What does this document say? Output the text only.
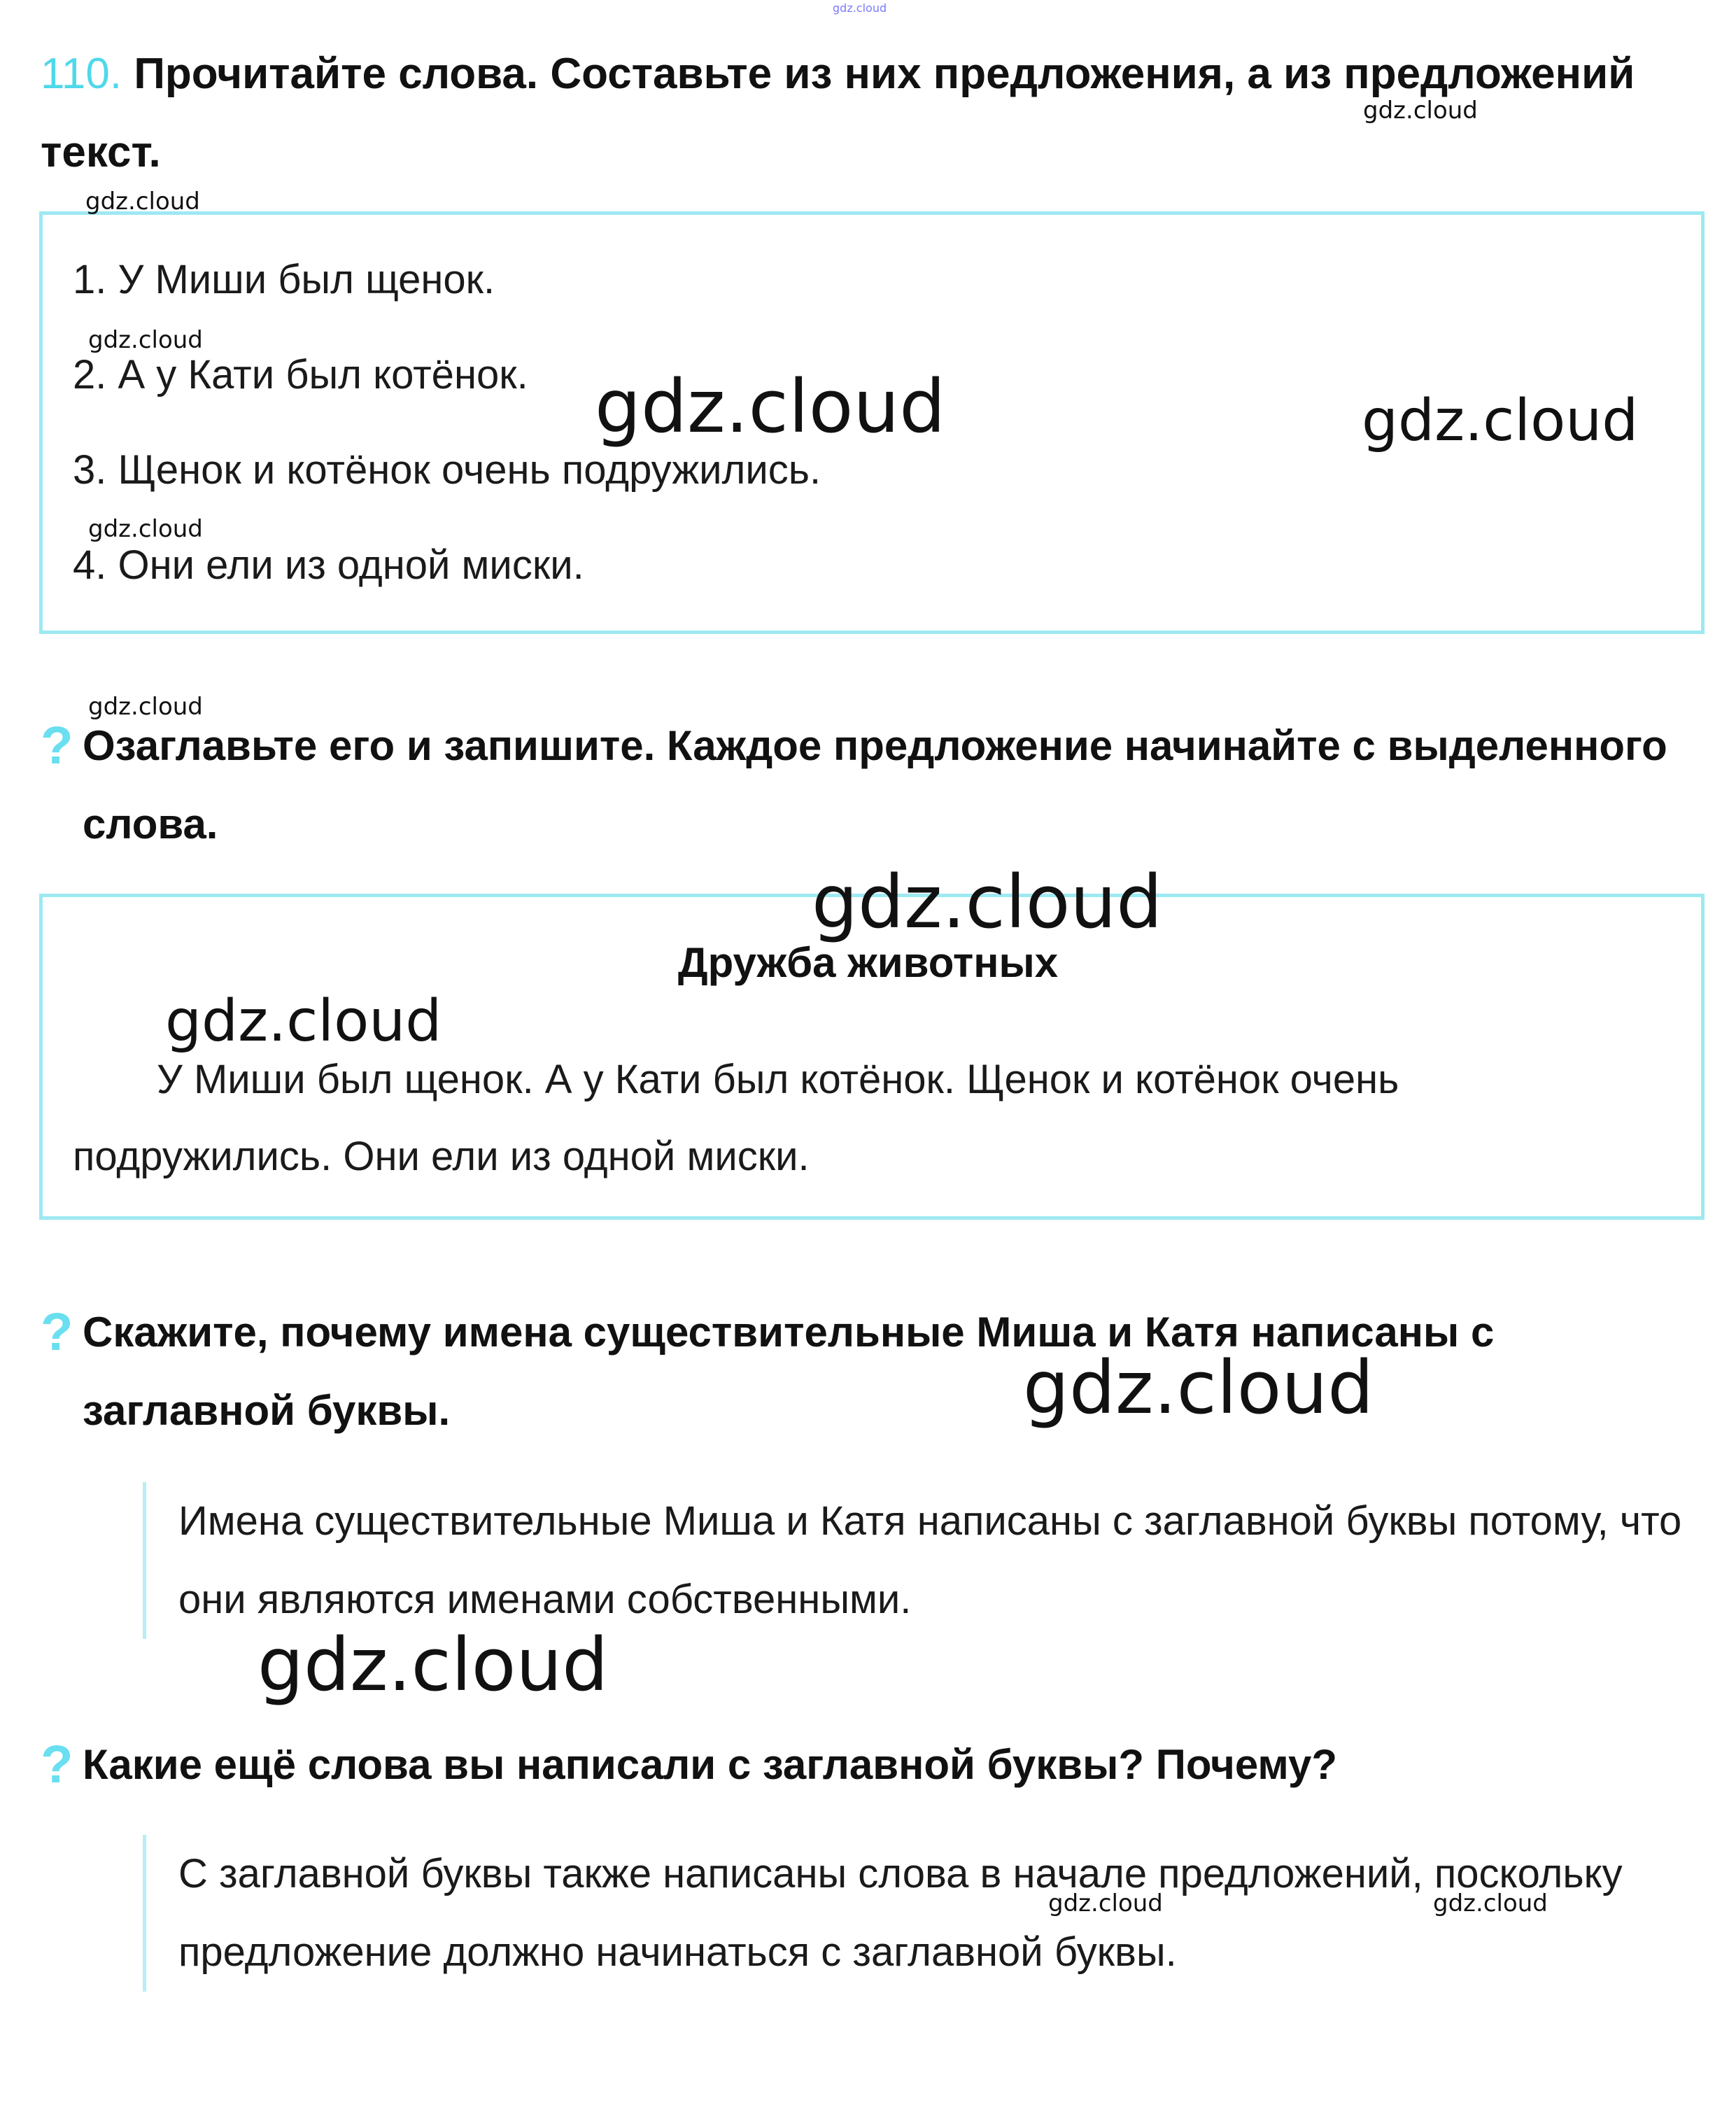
gdz.cloud
110. Прочитайте слова. Составьте из них предложения, а из предложений текст.
1. У Миши был щенок.
2. А у Кати был котёнок.
3. Щенок и котёнок очень подружились.
4. Они ели из одной миски.
? Озаглавьте его и запишите. Каждое предложение начинайте с выделенного слова.
Дружба животных
У Миши был щенок. А у Кати был котёнок. Щенок и котёнок очень подружились. Они ели из одной миски.
? Скажите, почему имена существительные Миша и Катя написаны с заглавной буквы.
Имена существительные Миша и Катя написаны с заглавной буквы потому, что они являются именами собственными.
? Какие ещё слова вы написали с заглавной буквы? Почему?
С заглавной буквы также написаны слова в начале предложений, поскольку предложение должно начинаться с заглавной буквы.
gdz.cloud
gdz.cloud
gdz.cloud
gdz.cloud	gdz.cloud
gdz.cloud
gdz.cloud
gdz.cloud
gdz.cloud
gdz.cloud
gdz.cloud
gdz.cloud	gdz.cloud
